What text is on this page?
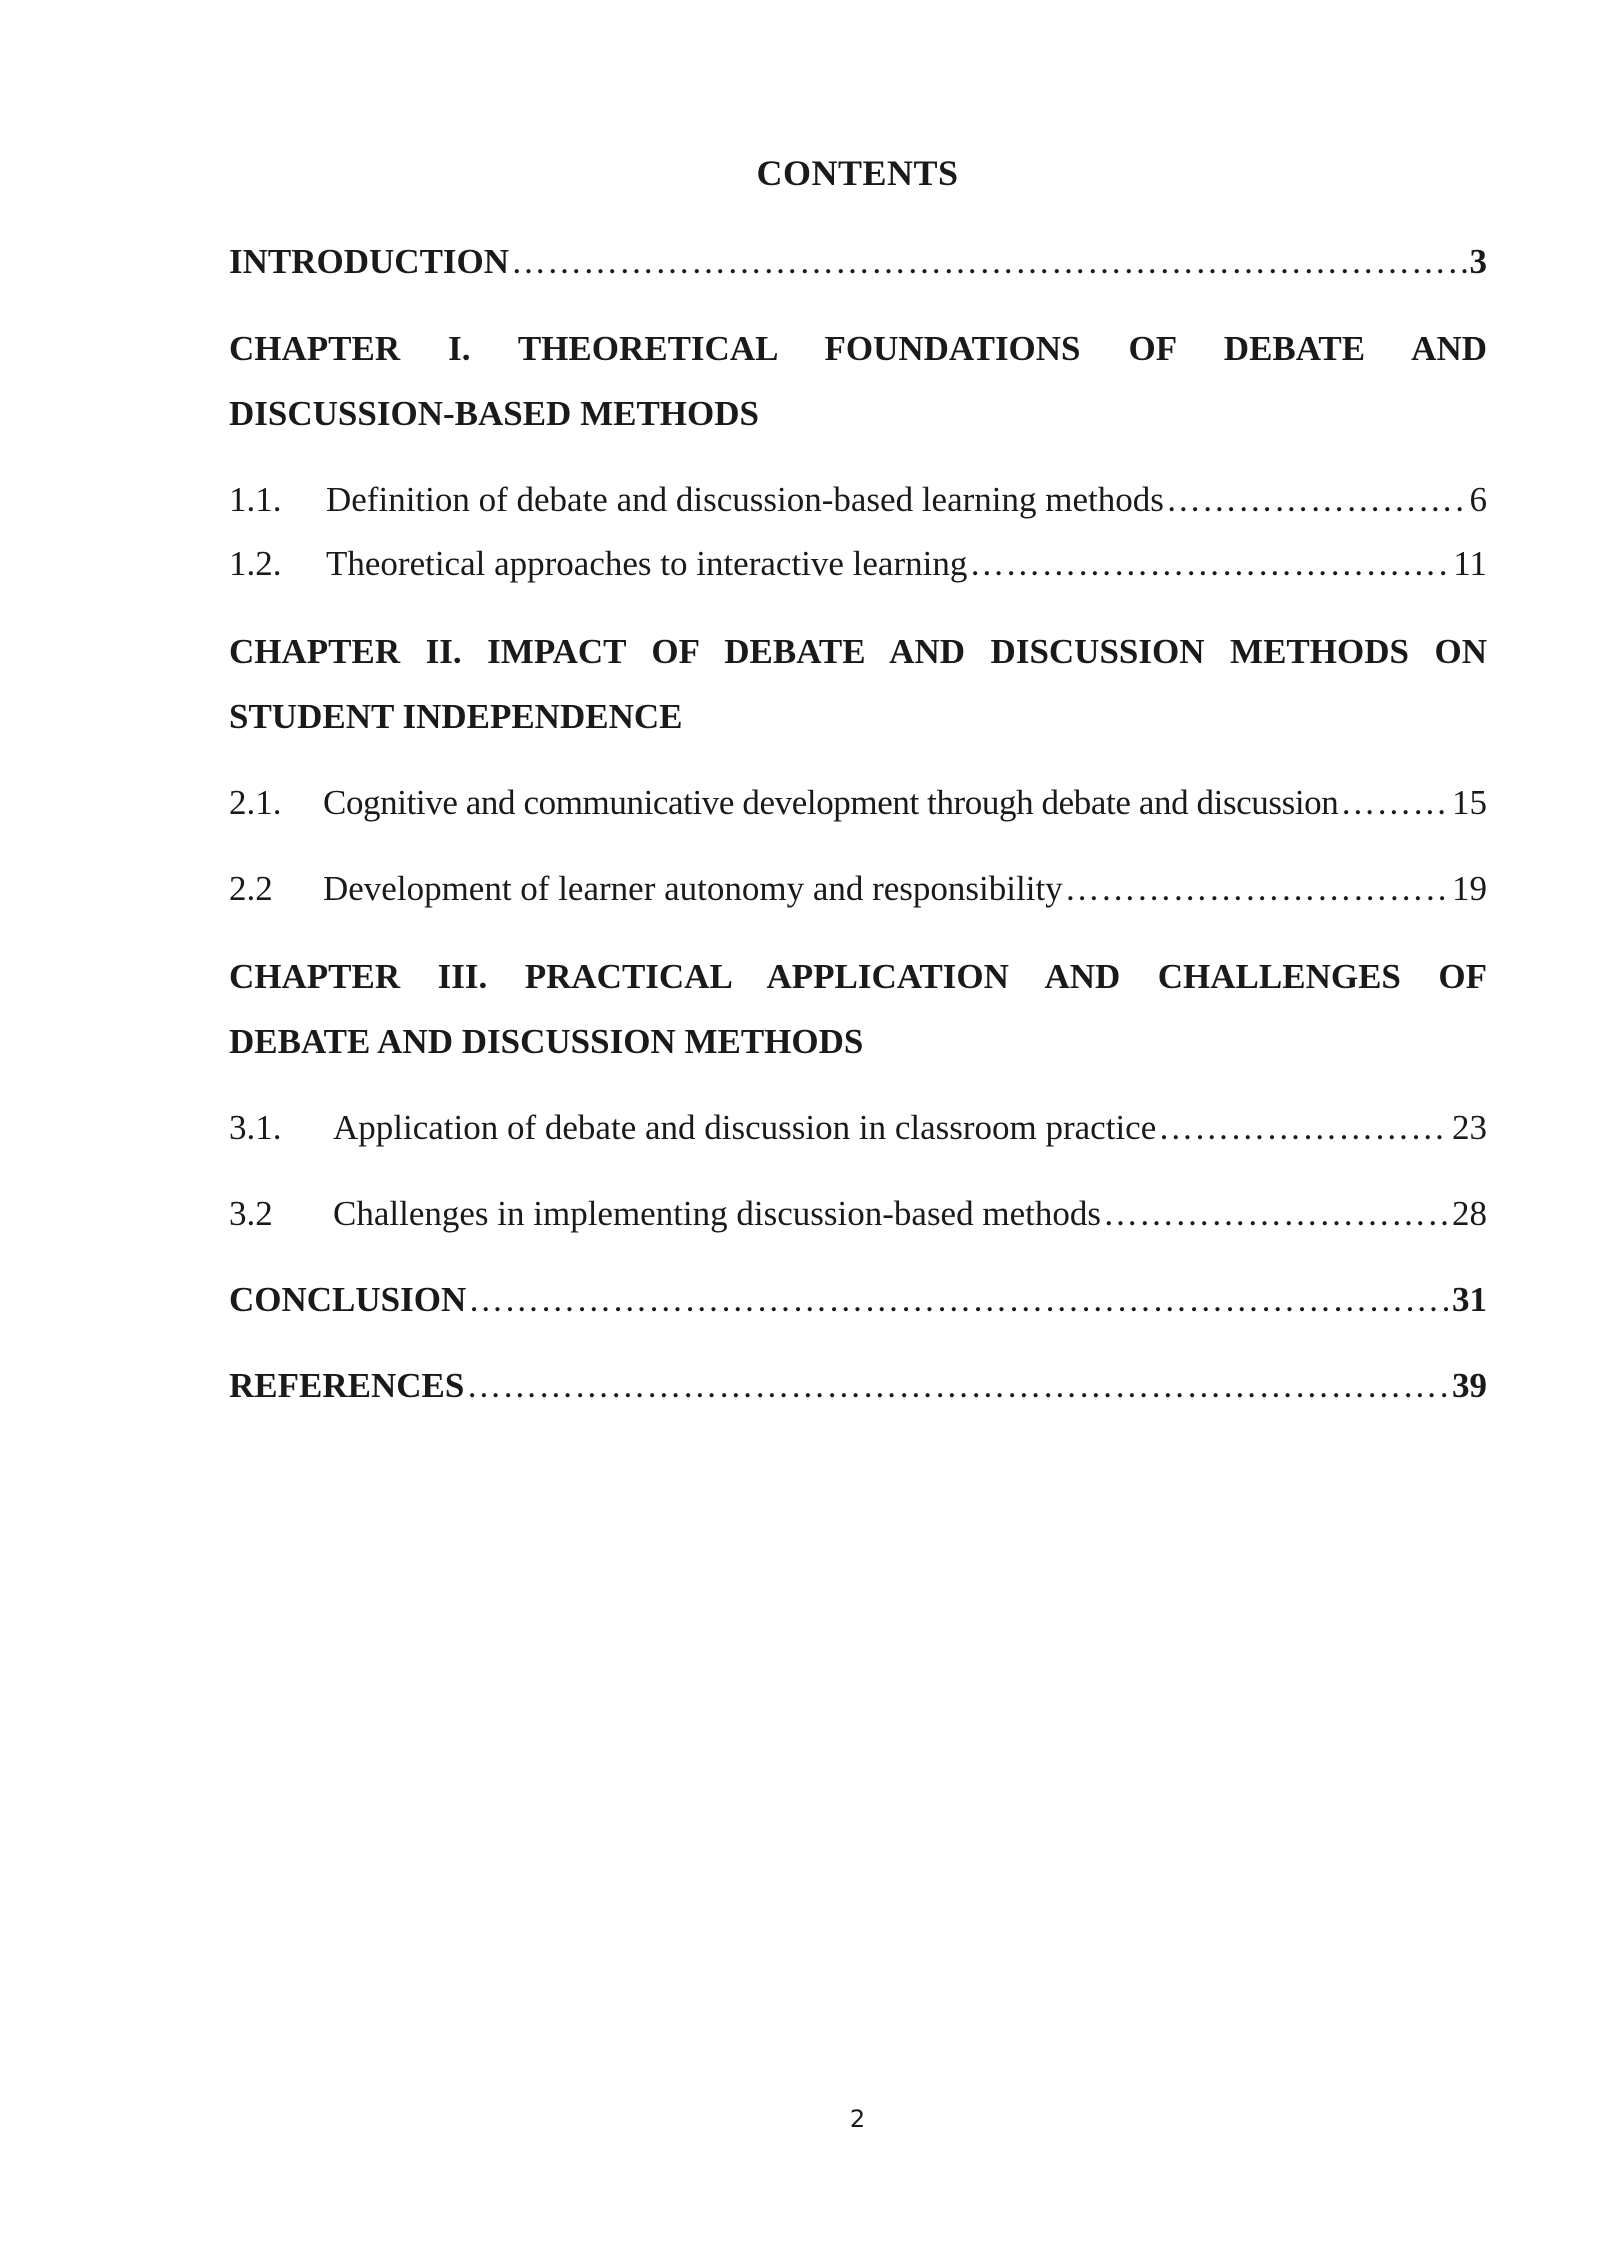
CONTENTS
INTRODUCTION ……………………………………………………………………………………………………………………………………………………………………………………	3
CHAPTER I. THEORETICAL FOUNDATIONS OF DEBATE AND
DISCUSSION-BASED METHODS
1.1.	Definition of debate and discussion-based learning methods ……………………………………………………………………………………………………………………………………………………………………………………	6
1.2.	Theoretical approaches to interactive learning ……………………………………………………………………………………………………………………………………………………………………………………	11
CHAPTER II. IMPACT OF DEBATE AND DISCUSSION METHODS ON
STUDENT INDEPENDENCE
2.1.	Cognitive and communicative development through debate and discussion ……………………………………………………………………………………………………………………………………………………………………………………	15
2.2	Development of learner autonomy and responsibility ……………………………………………………………………………………………………………………………………………………………………………………	19
CHAPTER III. PRACTICAL APPLICATION AND CHALLENGES OF
DEBATE AND DISCUSSION METHODS
3.1.	Application of debate and discussion in classroom practice ……………………………………………………………………………………………………………………………………………………………………………………	23
3.2	Challenges in implementing discussion-based methods ……………………………………………………………………………………………………………………………………………………………………………………	28
CONCLUSION ……………………………………………………………………………………………………………………………………………………………………………………	31
REFERENCES ……………………………………………………………………………………………………………………………………………………………………………………	39
2
